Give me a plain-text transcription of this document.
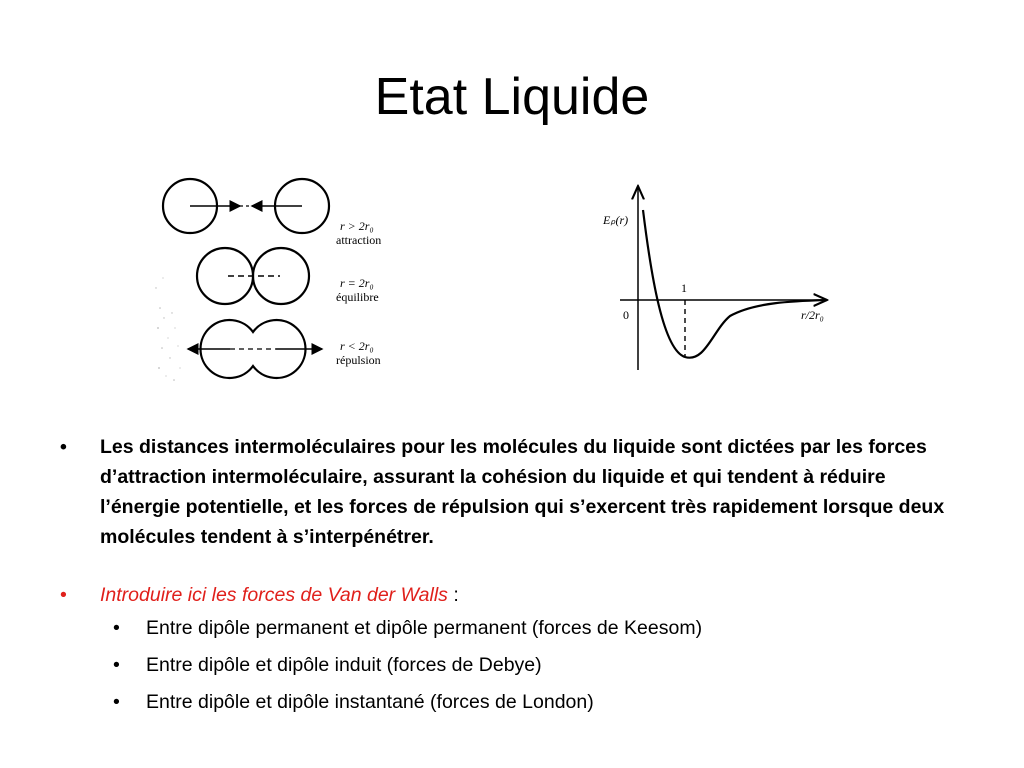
Etat Liquide
r > 2r₀
attraction
r = 2r₀
équilibre
r < 2r₀
répulsion
Eₚ(r)
r/2r₀
0
1
• Les distances intermoléculaires pour les molécules du liquide sont dictées par les forces d’attraction intermoléculaire, assurant la cohésion du liquide et qui tendent à réduire l’énergie potentielle, et les forces de répulsion qui s’exercent très rapidement lorsque deux molécules tendent à s’interpénétrer.
• Introduire ici les forces de Van der Walls :
• Entre dipôle permanent et dipôle permanent (forces de Keesom)
• Entre dipôle et dipôle induit (forces de Debye)
• Entre dipôle et dipôle instantané (forces de London)
